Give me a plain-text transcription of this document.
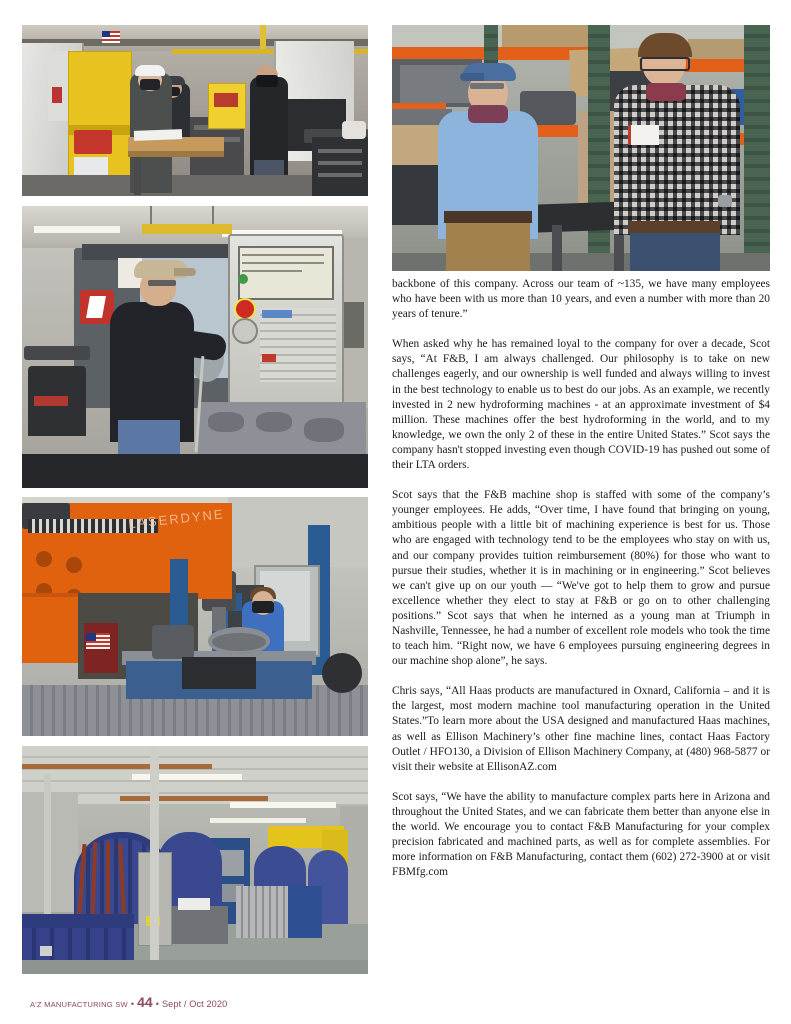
LASERDYNE

backbone of this company. Across our team of ~135, we have many employees who have been with us more than 10 years, and even a number with more than 20 years of tenure.”

When asked why he has remained loyal to the company for over a decade, Scot says, “At F&B, I am always challenged. Our philosophy is to take on new challenges eagerly, and our ownership is well funded and always willing to invest in the best technology to enable us to best do our jobs. As an example, we recently invested in 2 new hydroforming machines - at an approximate investment of $4 million. These machines offer the best hydroforming in the world, and to my knowledge, we own the only 2 of these in the entire United States.” Scot says the company hasn't stopped investing even though COVID-19 has pushed out some of their LTA orders.

Scot says that the F&B machine shop is staffed with some of the company’s younger employees. He adds, “Over time, I have found that bringing on young, ambitious people with a little bit of machining experience is best for us. Those who are engaged with technology tend to be the employees who stay on with us, and our company provides tuition reimbursement (80%) for those who want to pursue their studies, whether it is in machining or in engineering.” Scot believes we can't give up on our youth — “We've got to help them to grow and pursue excellence whether they elect to stay at F&B or go on to other challenging positions.” Scot says that when he interned as a young man at Triumph in Nashville, Tennessee, he had a number of excellent role models who took the time to teach him. “Right now, we have 6 employees pursuing engineering degrees in our machine shop alone”, he says.

Chris says, “All Haas products are manufactured in Oxnard, California – and it is the largest, most modern machine tool manufacturing operation in the United States.”To learn more about the USA designed and manufactured Haas machines, as well as Ellison Machinery’s other fine machine lines, contact Haas Factory Outlet / HFO130, a Division of Ellison Machinery Company, at (480) 968-5877 or visit their website at EllisonAZ.com

Scot says, “We have the ability to manufacture complex parts here in Arizona and throughout the United States, and we can fabricate them better than anyone else in the world. We encourage you to contact F&B Manufacturing for your complex precision fabricated and machined parts, as well as for complete assemblies. For more information on F&B Manufacturing, contact them (602) 272-3900 at or visit FBMfg.com

A'Z MANUFACTURING SW • 44 • Sept / Oct 2020
